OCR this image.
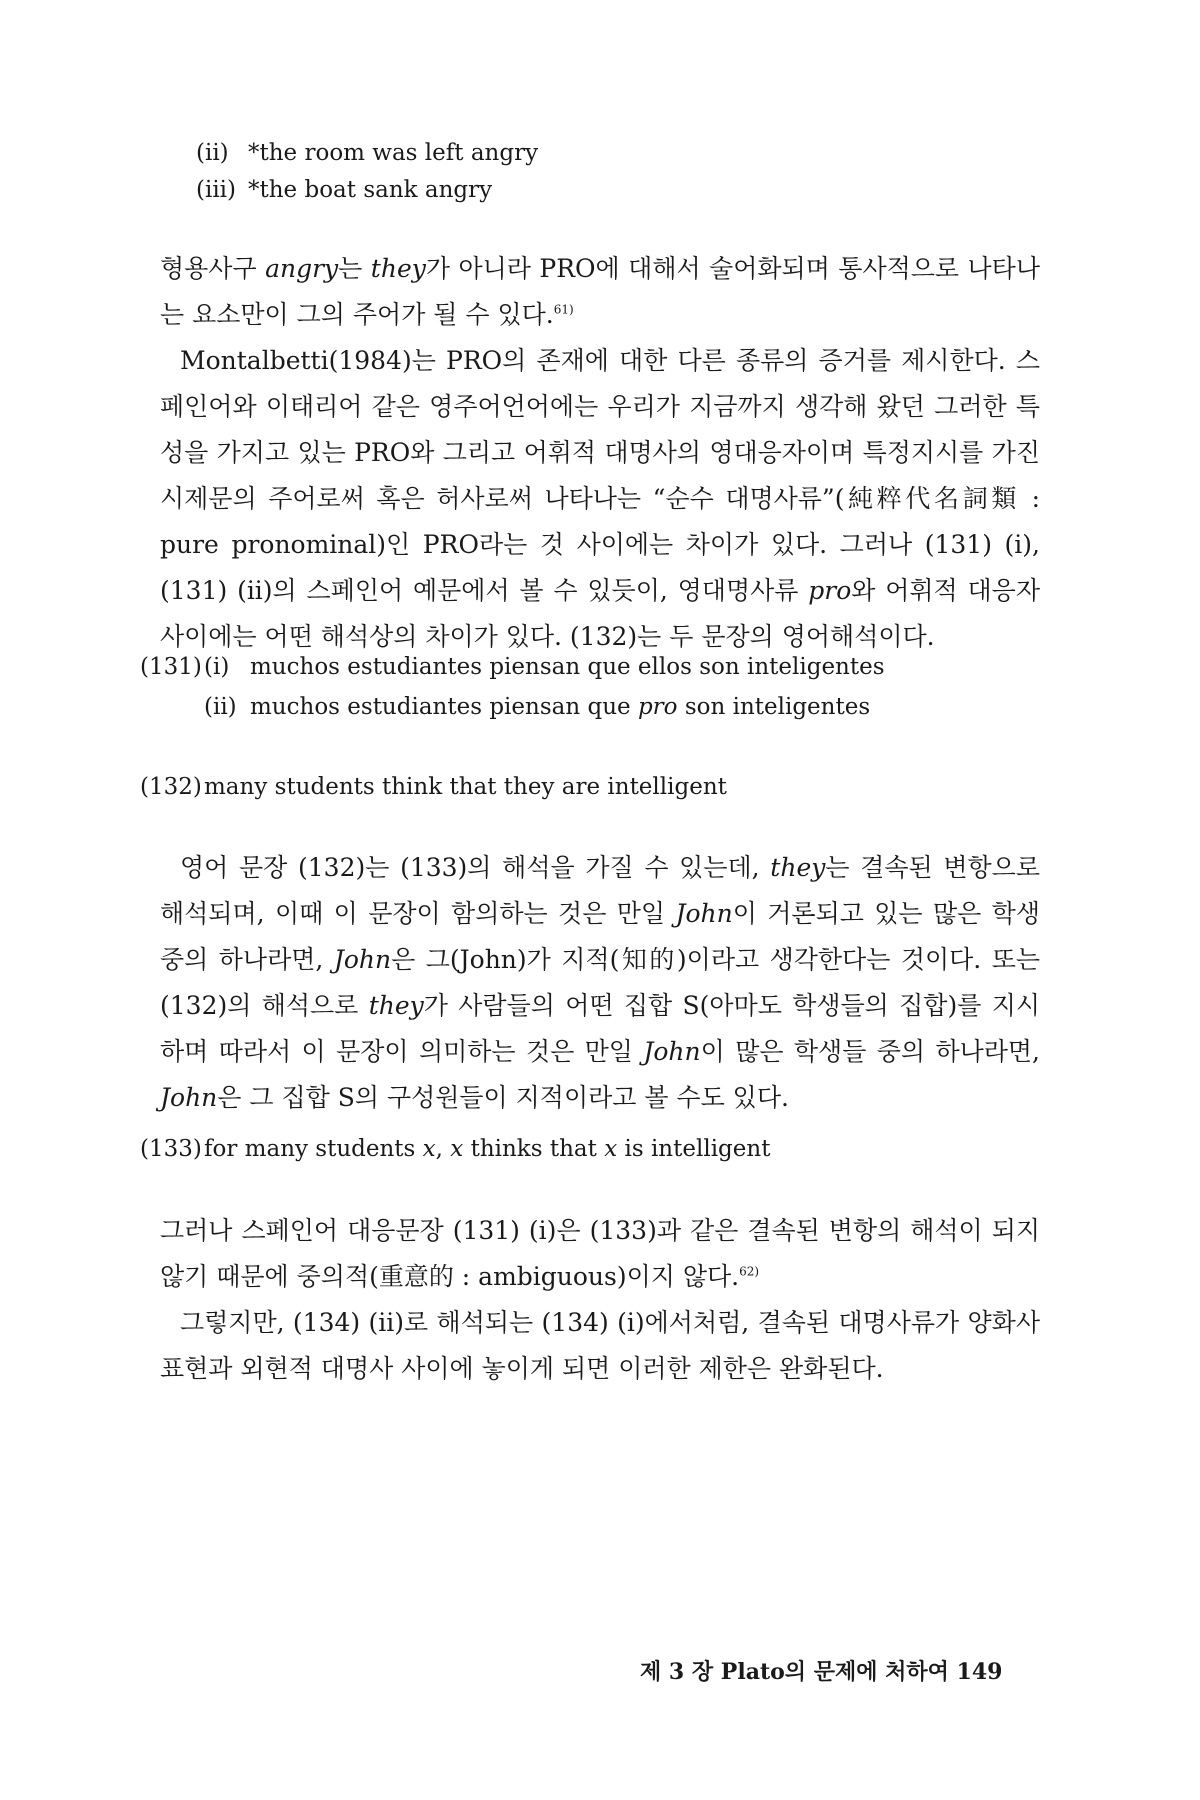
(ii) *the room was left angry
(iii) *the boat sank angry

형용사구 angry는 they가 아니라 PRO에 대해서 술어화되며 통사적으로 나타나는 요소만이 그의 주어가 될 수 있다.$^{61)}$

Montalbetti(1984)는 PRO의 존재에 대한 다른 종류의 증거를 제시한다. 스페인어와 이태리어 같은 영주어언어에는 우리가 지금까지 생각해 왔던 그러한 특성을 가지고 있는 PRO와 그리고 어휘적 대명사의 영대응자이며 특정지시를 가진 시제문의 주어로써 혹은 허사로써 나타나는 “순수 대명사류”(純粹代名詞類 : pure pronominal)인 PRO라는 것 사이에는 차이가 있다. 그러나 (131) (i), (131) (ii)의 스페인어 예문에서 볼 수 있듯이, 영대명사류 pro와 어휘적 대응자 사이에는 어떤 해석상의 차이가 있다. (132)는 두 문장의 영어해석이다.

(131)(i) muchos estudiantes piensan que ellos son inteligentes
(ii) muchos estudiantes piensan que pro son inteligentes
(132)many students think that they are intelligent

영어 문장 (132)는 (133)의 해석을 가질 수 있는데, they는 결속된 변항으로 해석되며, 이때 이 문장이 함의하는 것은 만일 John이 거론되고 있는 많은 학생 중의 하나라면, John은 그(John)가 지적(知的)이라고 생각한다는 것이다. 또는 (132)의 해석으로 they가 사람들의 어떤 집합 S(아마도 학생들의 집합)를 지시하며 따라서 이 문장이 의미하는 것은 만일 John이 많은 학생들 중의 하나라면, John은 그 집합 S의 구성원들이 지적이라고 볼 수도 있다.

(133)for many students x, x thinks that x is intelligent

그러나 스페인어 대응문장 (131) (i)은 (133)과 같은 결속된 변항의 해석이 되지 않기 때문에 중의적(重意的 : ambiguous)이지 않다.$^{62)}$

그렇지만, (134) (ii)로 해석되는 (134) (i)에서처럼, 결속된 대명사류가 양화사 표현과 외현적 대명사 사이에 놓이게 되면 이러한 제한은 완화된다.

제 3 장 Plato의 문제에 처하여 149
